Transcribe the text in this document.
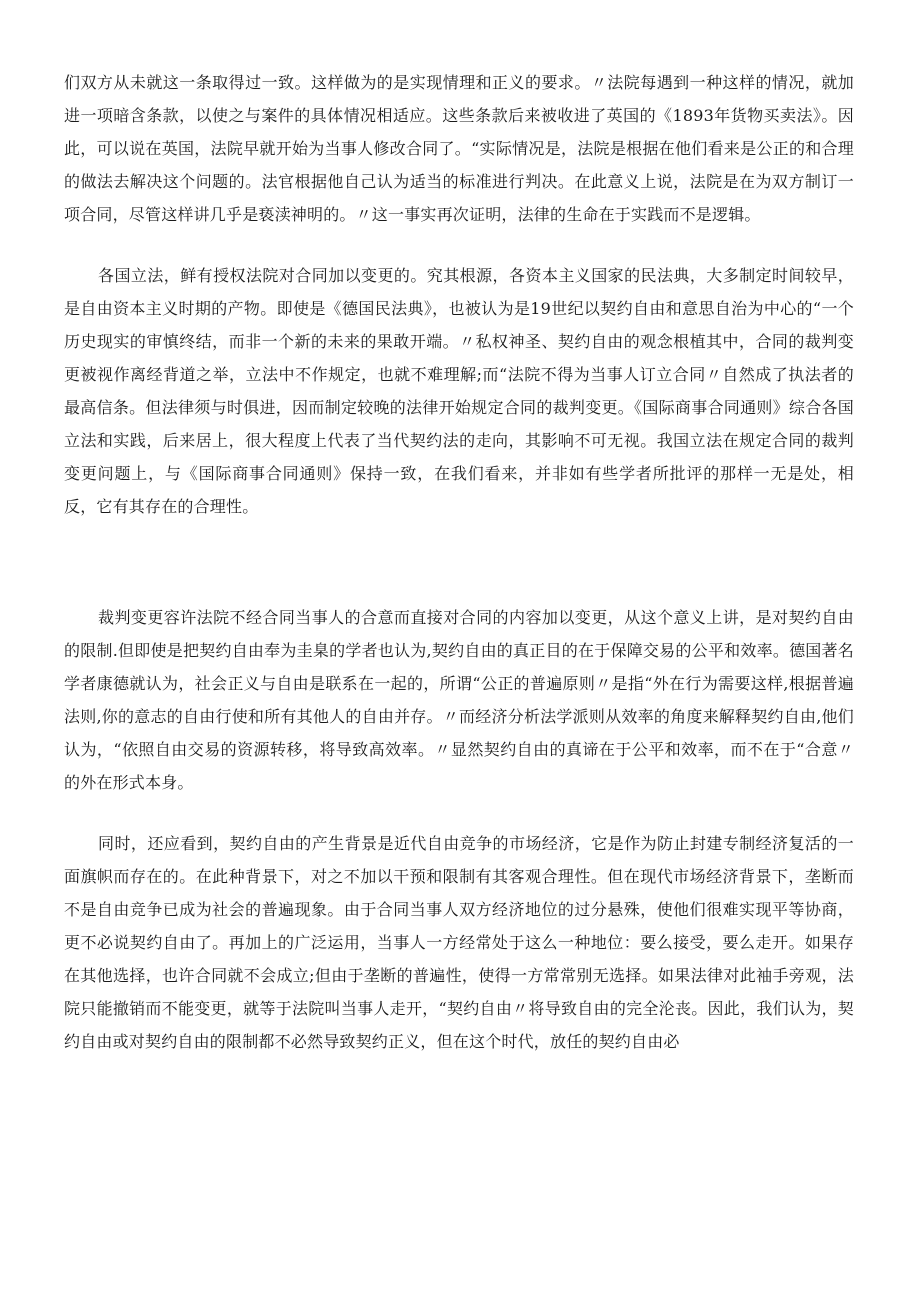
们双方从未就这一条取得过一致。这样做为的是实现情理和正义的要求。〃法院每遇到一种这样的情况，就加进一项暗含条款，以使之与案件的具体情况相适应。这些条款后来被收进了英国的《1893年货物买卖法》。因此，可以说在英国，法院早就开始为当事人修改合同了。“实际情况是，法院是根据在他们看来是公正的和合理的做法去解决这个问题的。法官根据他自己认为适当的标准进行判决。在此意义上说，法院是在为双方制订一项合同，尽管这样讲几乎是亵渎神明的。〃这一事实再次证明，法律的生命在于实践而不是逻辑。

各国立法，鲜有授权法院对合同加以变更的。究其根源，各资本主义国家的民法典，大多制定时间较早，是自由资本主义时期的产物。即使是《德国民法典》，也被认为是19世纪以契约自由和意思自治为中心的“一个历史现实的审慎终结，而非一个新的未来的果敢开端。〃私权神圣、契约自由的观念根植其中，合同的裁判变更被视作离经背道之举，立法中不作规定，也就不难理解;而“法院不得为当事人订立合同〃自然成了执法者的最高信条。但法律须与时俱进，因而制定较晚的法律开始规定合同的裁判变更。《国际商事合同通则》综合各国立法和实践，后来居上，很大程度上代表了当代契约法的走向，其影响不可无视。我国立法在规定合同的裁判变更问题上，与《国际商事合同通则》保持一致，在我们看来，并非如有些学者所批评的那样一无是处，相反，它有其存在的合理性。

裁判变更容许法院不经合同当事人的合意而直接对合同的内容加以变更，从这个意义上讲，是对契约自由的限制.但即使是把契约自由奉为圭臬的学者也认为,契约自由的真正目的在于保障交易的公平和效率。德国著名学者康德就认为，社会正义与自由是联系在一起的，所谓“公正的普遍原则〃是指“外在行为需要这样,根据普遍法则,你的意志的自由行使和所有其他人的自由并存。〃而经济分析法学派则从效率的角度来解释契约自由,他们认为，“依照自由交易的资源转移，将导致高效率。〃显然契约自由的真谛在于公平和效率，而不在于“合意〃的外在形式本身。

同时，还应看到，契约自由的产生背景是近代自由竞争的市场经济，它是作为防止封建专制经济复活的一面旗帜而存在的。在此种背景下，对之不加以干预和限制有其客观合理性。但在现代市场经济背景下，垄断而不是自由竞争已成为社会的普遍现象。由于合同当事人双方经济地位的过分悬殊，使他们很难实现平等协商，更不必说契约自由了。再加上的广泛运用，当事人一方经常处于这么一种地位：要么接受，要么走开。如果存在其他选择，也许合同就不会成立;但由于垄断的普遍性，使得一方常常别无选择。如果法律对此袖手旁观，法院只能撤销而不能变更，就等于法院叫当事人走开，“契约自由〃将导致自由的完全沦丧。因此，我们认为，契约自由或对契约自由的限制都不必然导致契约正义，但在这个时代，放任的契约自由必
